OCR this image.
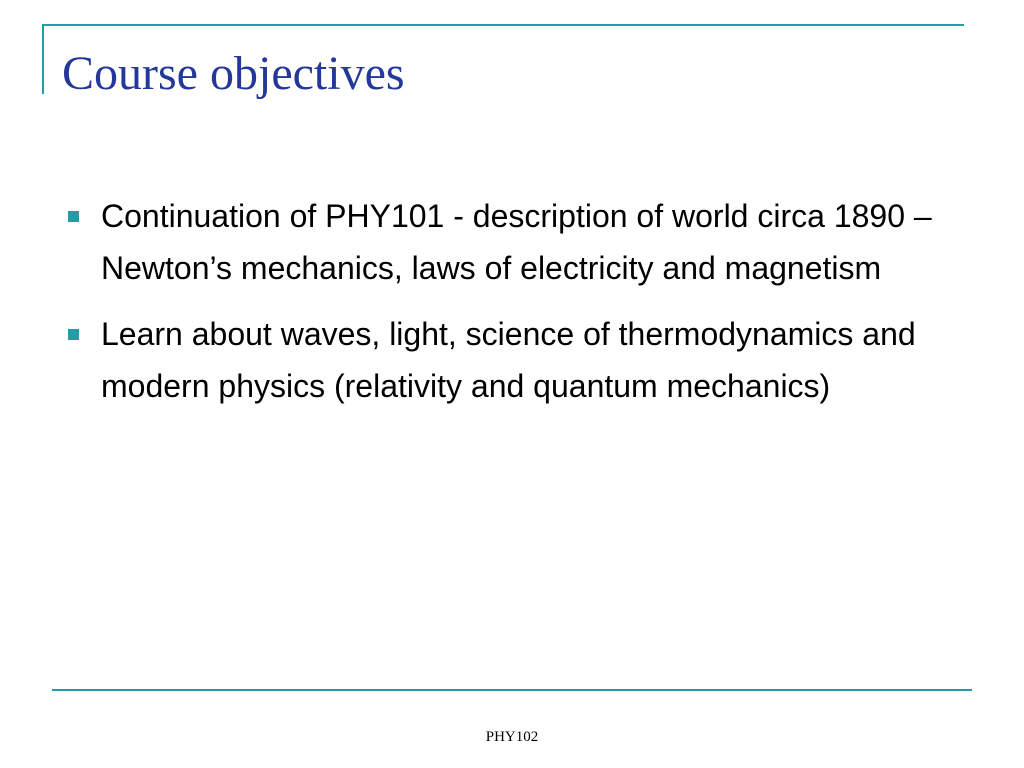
Course objectives
Continuation of PHY101 - description of world circa 1890 – Newton’s mechanics, laws of electricity and magnetism
Learn about waves, light, science of thermodynamics and modern physics (relativity and quantum mechanics)
PHY102
